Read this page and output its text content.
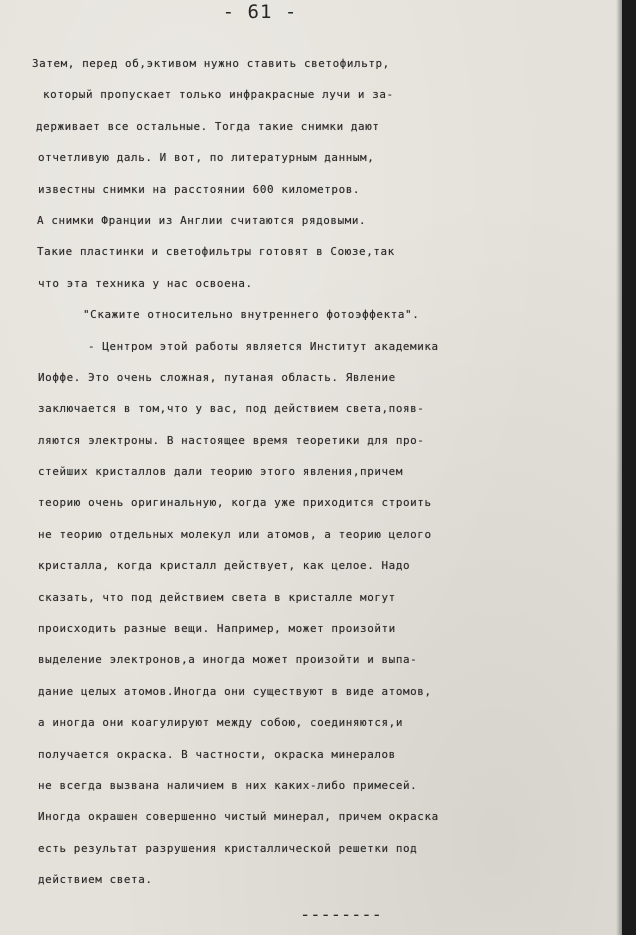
- 61 -
Затем, перед об,эктивом нужно ставить светофильтр,
который пропускает только инфракрасные лучи и за-
держивает все остальные. Тогда такие снимки дают
отчетливую даль. И вот, по литературным данным,
известны снимки на расстоянии 600 километров.
А снимки Франции из Англии считаются рядовыми.
Такие пластинки и светофильтры готовят в Союзе,так
что эта техника у нас освоена.
"Скажите относительно внутреннего фотоэффекта".
- Центром этой работы является Институт академика
Иоффе. Это очень сложная, путаная область. Явление
заключается в том,что у вас, под действием света,появ-
ляются электроны. В настоящее время теоретики для про-
стейших кристаллов дали теорию этого явления,причем
теорию очень оригинальную, когда уже приходится строить
не теорию отдельных молекул или атомов, а теорию целого
кристалла, когда кристалл действует, как целое. Надо
сказать, что под действием света в кристалле могут
происходить разные вещи. Например, может произойти
выделение электронов,а иногда может произойти и выпа-
дание целых атомов.Иногда они существуют в виде атомов,
а иногда они коагулируют между собою, соединяются,и
получается окраска. В частности, окраска минералов
не всегда вызвана наличием в них каких-либо примесей.
Иногда окрашен совершенно чистый минерал, причем окраска
есть результат разрушения кристаллической решетки под
действием света.
--------
